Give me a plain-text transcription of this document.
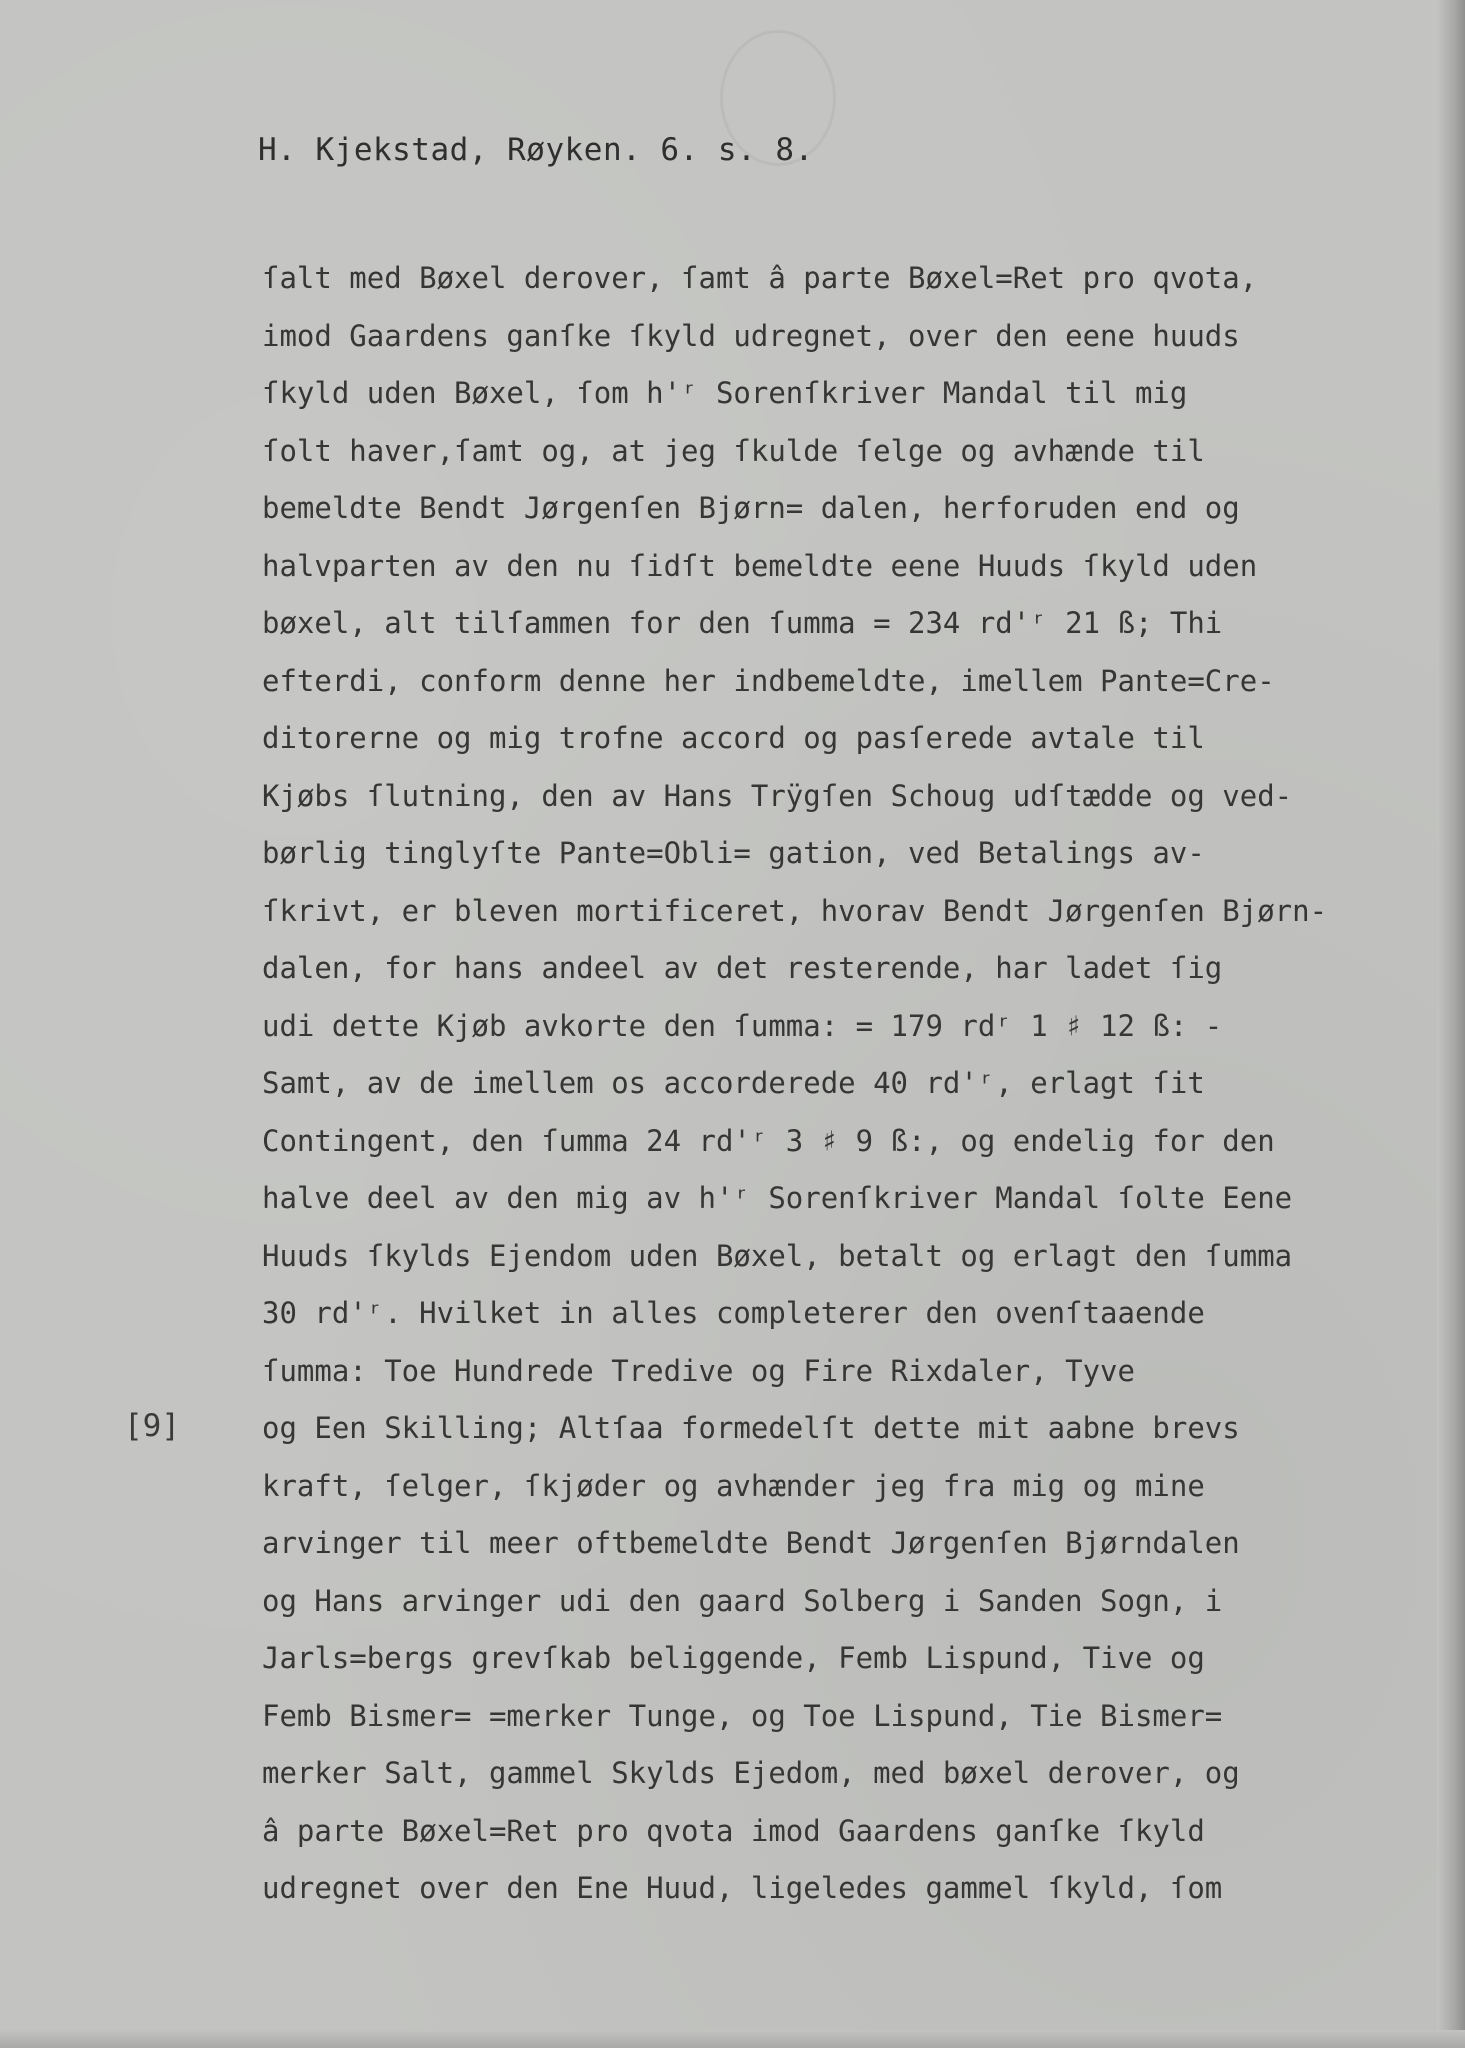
H. Kjekstad, Røyken. 6. s. 8.
[9]
ſalt med Bøxel derover, ſamt â parte Bøxel=Ret pro qvota,
imod Gaardens ganſke ſkyld udregnet, over den eene huuds
ſkyld uden Bøxel, ſom h'ʳ Sorenſkriver Mandal til mig
ſolt haver,ſamt og, at jeg ſkulde ſelge og avhænde til
bemeldte Bendt Jørgenſen Bjørn= dalen, herforuden end og
halvparten av den nu ſidſt bemeldte eene Huuds ſkyld uden
bøxel, alt tilſammen for den ſumma = 234 rd'ʳ 21 ß; Thi
efterdi, conform denne her indbemeldte, imellem Pante=Cre-
ditorerne og mig trofne accord og pasſerede avtale til
Kjøbs ſlutning, den av Hans Trÿgſen Schoug udſtædde og ved-
børlig tinglyſte Pante=Obli= gation, ved Betalings av-
ſkrivt, er bleven mortificeret, hvorav Bendt Jørgenſen Bjørn-
dalen, for hans andeel av det resterende, har ladet ſig
udi dette Kjøb avkorte den ſumma: = 179 rdʳ 1 ♯ 12 ß: -
Samt, av de imellem os accorderede 40 rd'ʳ, erlagt ſit
Contingent, den ſumma 24 rd'ʳ 3 ♯ 9 ß:, og endelig for den
halve deel av den mig av h'ʳ Sorenſkriver Mandal ſolte Eene
Huuds ſkylds Ejendom uden Bøxel, betalt og erlagt den ſumma
30 rd'ʳ. Hvilket in alles completerer den ovenſtaaende
ſumma: Toe Hundrede Tredive og Fire Rixdaler, Tyve
og Een Skilling; Altſaa formedelſt dette mit aabne brevs
kraft, ſelger, ſkjøder og avhænder jeg fra mig og mine
arvinger til meer oftbemeldte Bendt Jørgenſen Bjørndalen
og Hans arvinger udi den gaard Solberg i Sanden Sogn, i
Jarls=bergs grevſkab beliggende, Femb Lispund, Tive og
Femb Bismer= =merker Tunge, og Toe Lispund, Tie Bismer=
merker Salt, gammel Skylds Ejedom, med bøxel derover, og
â parte Bøxel=Ret pro qvota imod Gaardens ganſke ſkyld
udregnet over den Ene Huud, ligeledes gammel ſkyld, ſom
